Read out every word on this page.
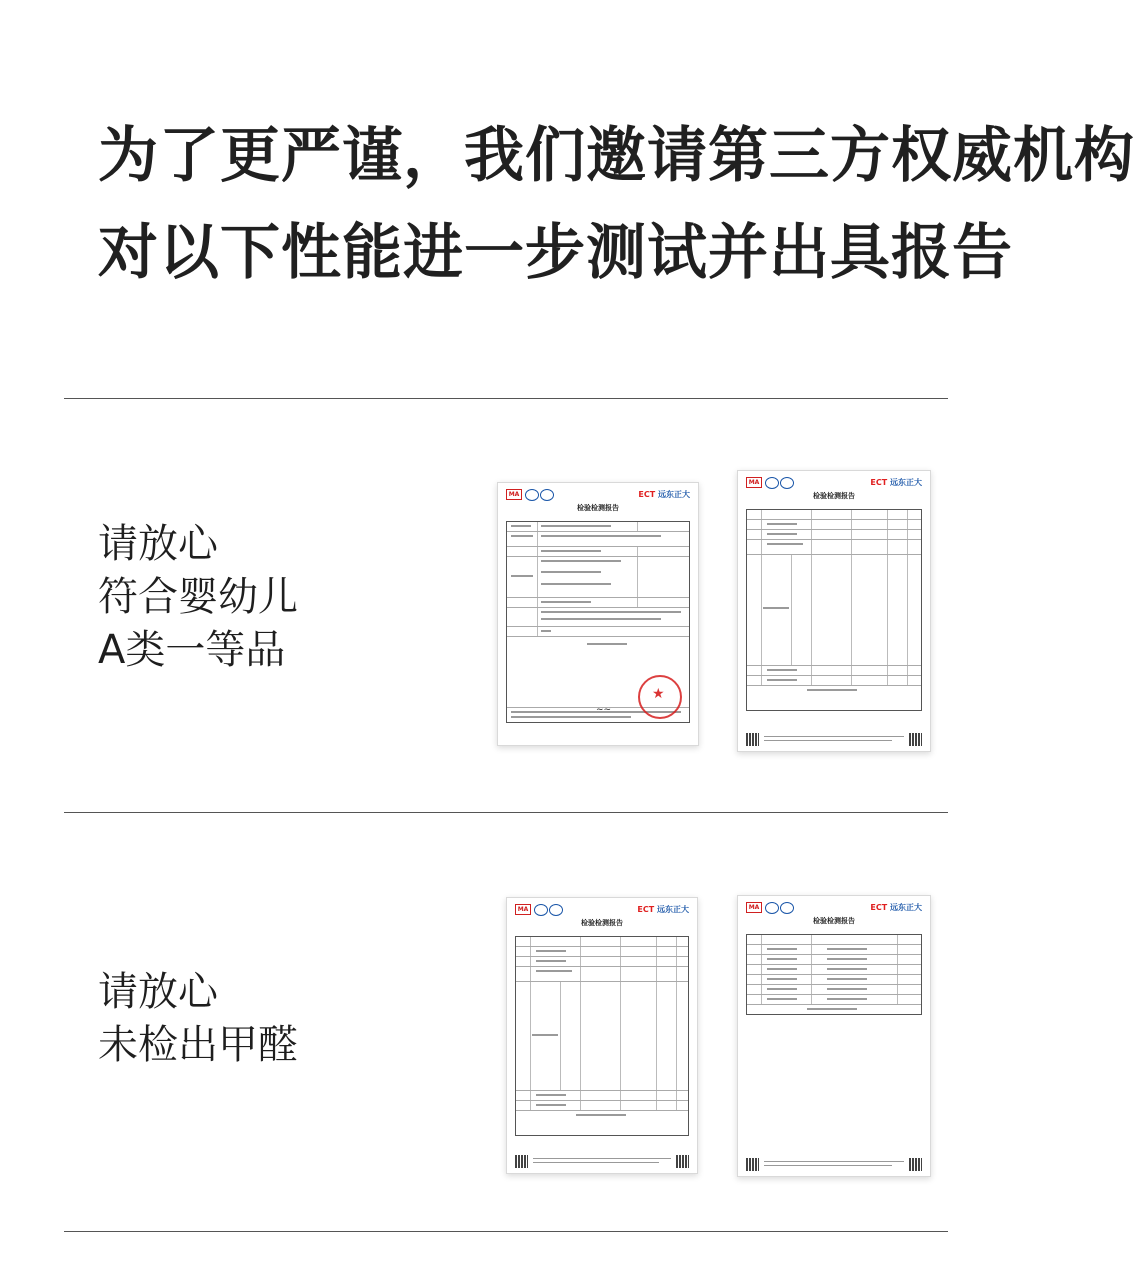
为了更严谨，我们邀请第三方权威机构
对以下性能进一步测试并出具报告
请放心
符合婴幼儿
A类一等品
MA	ECT 远东正大
检验检测报告
★
~~
MA	ECT 远东正大
检验检测报告
请放心
未检出甲醛
MA	ECT 远东正大
检验检测报告
MA	ECT 远东正大
检验检测报告
